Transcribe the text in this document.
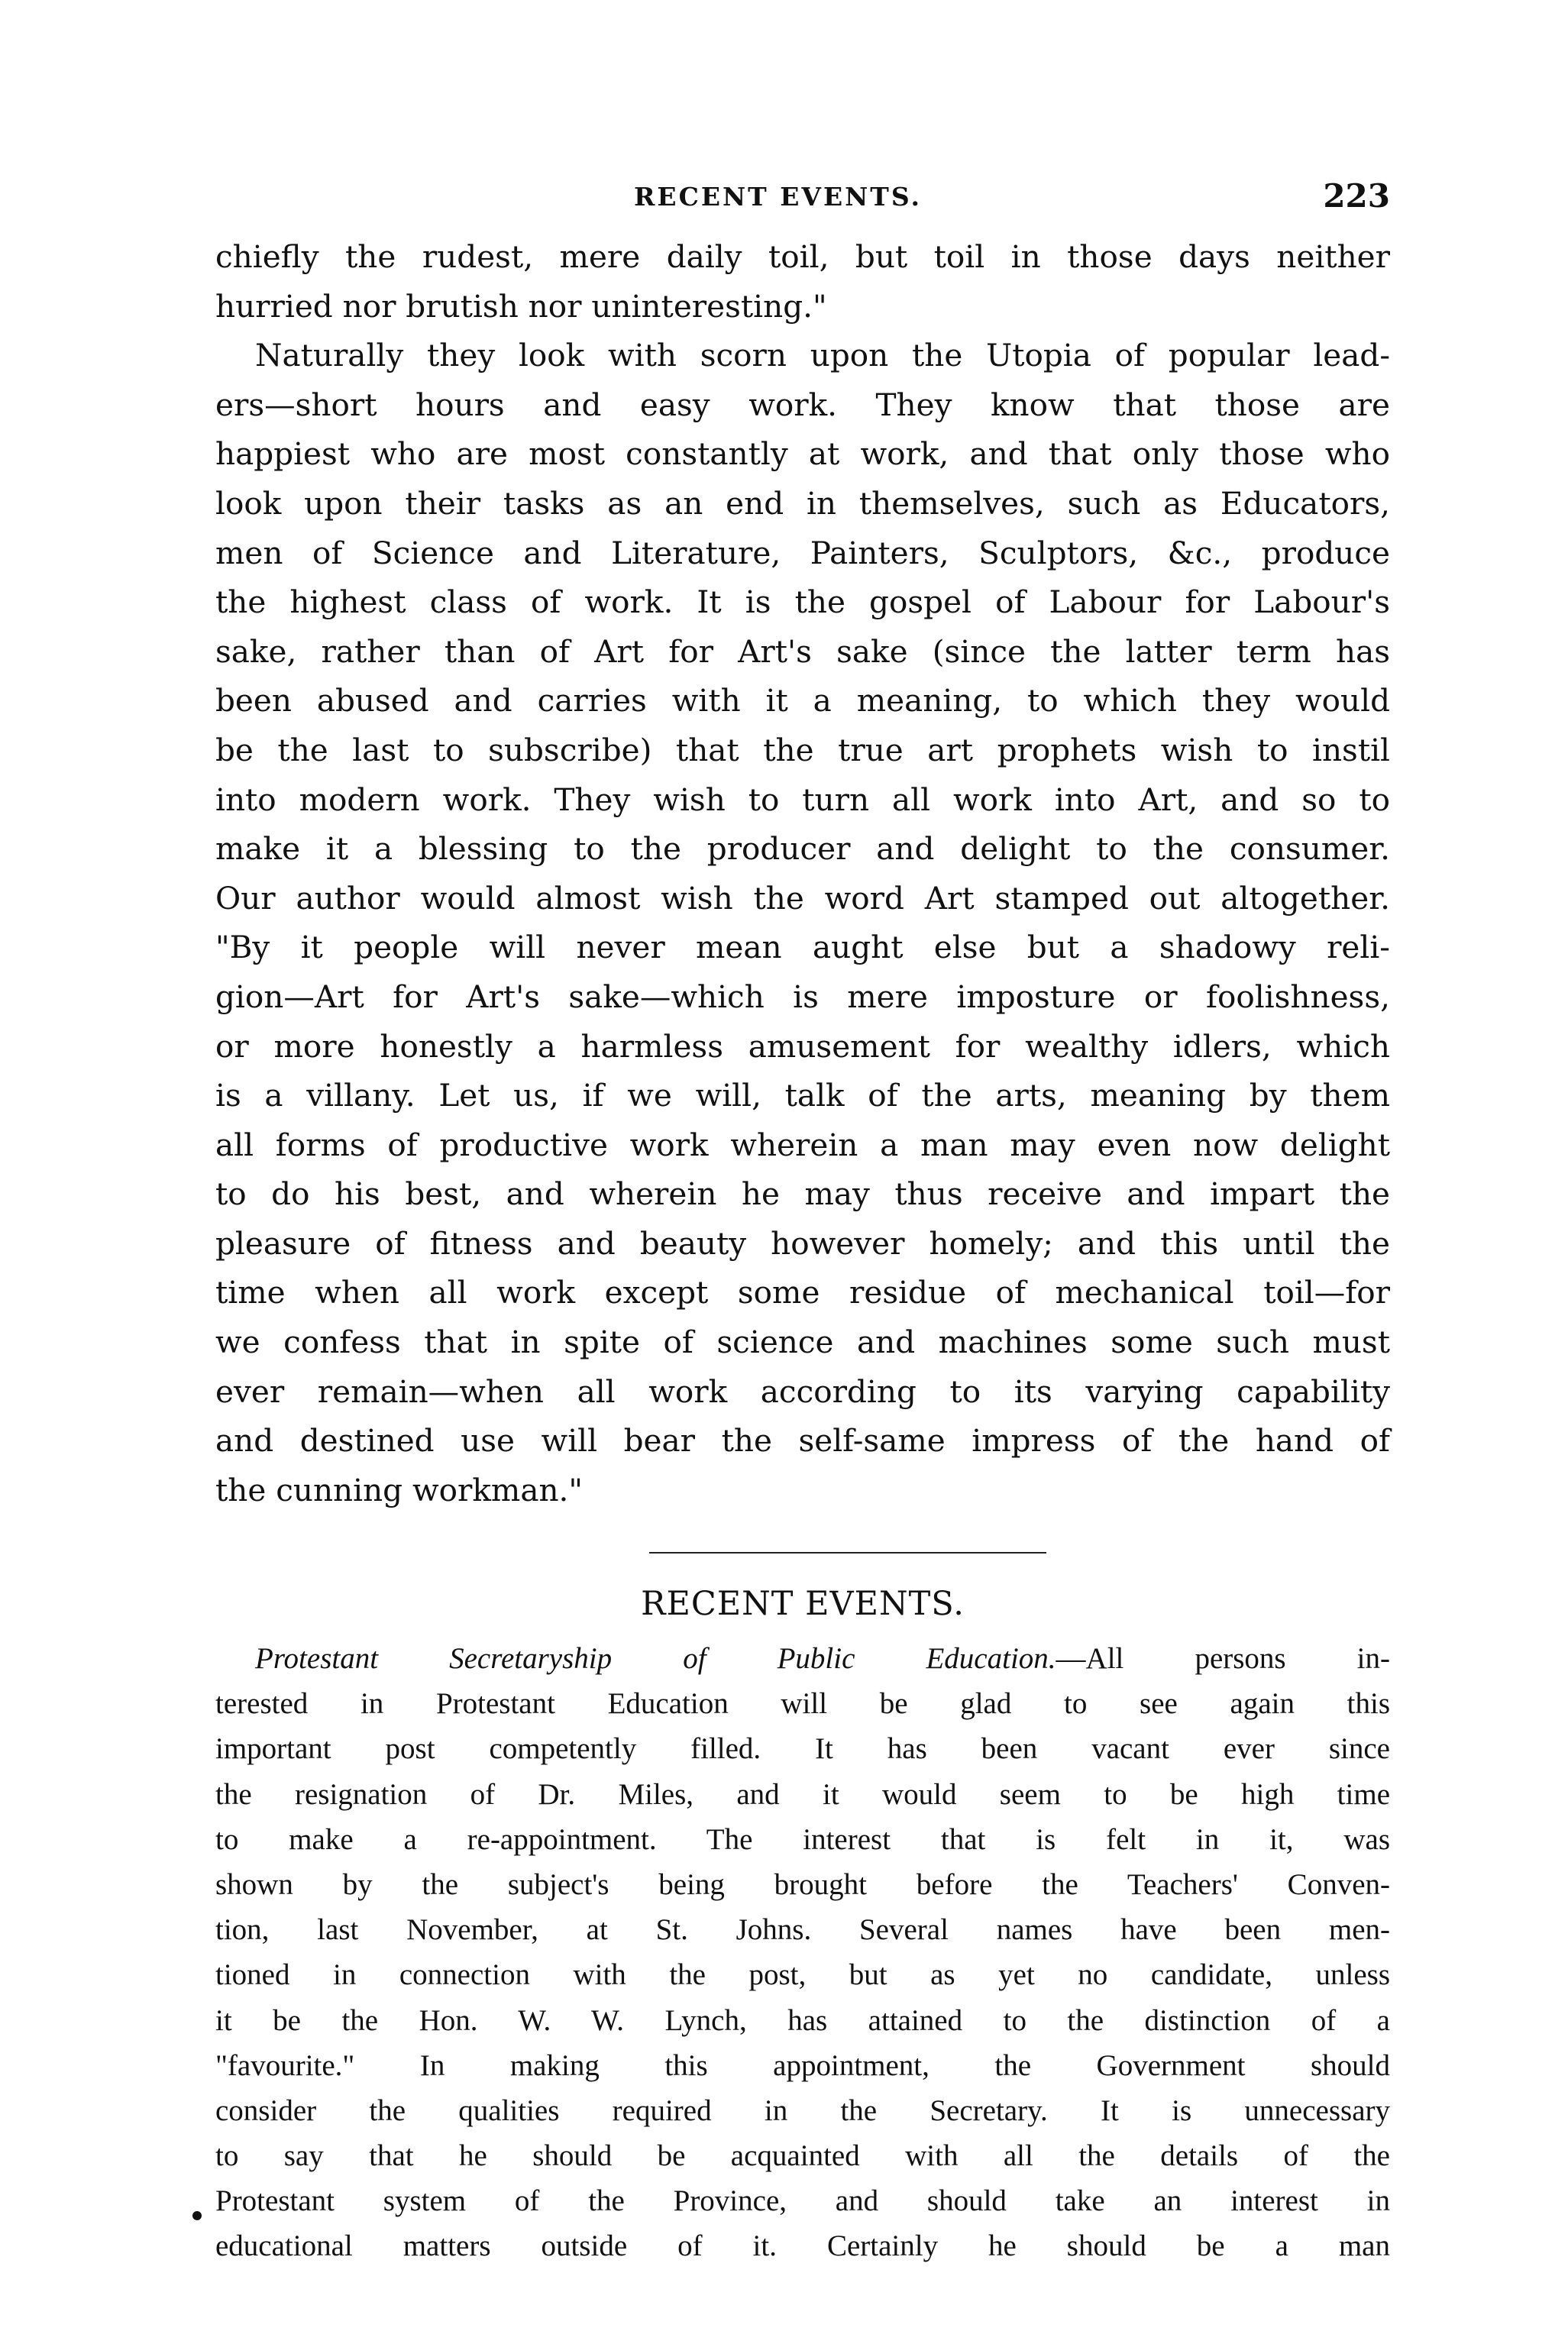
RECENT EVENTS.	223
chiefly the rudest, mere daily toil, but toil in those days neither
hurried nor brutish nor uninteresting."
Naturally they look with scorn upon the Utopia of popular lead-
ers—short hours and easy work. They know that those are
happiest who are most constantly at work, and that only those who
look upon their tasks as an end in themselves, such as Educators,
men of Science and Literature, Painters, Sculptors, &c., produce
the highest class of work. It is the gospel of Labour for Labour's
sake, rather than of Art for Art's sake (since the latter term has
been abused and carries with it a meaning, to which they would
be the last to subscribe) that the true art prophets wish to instil
into modern work. They wish to turn all work into Art, and so to
make it a blessing to the producer and delight to the consumer.
Our author would almost wish the word Art stamped out altogether.
"By it people will never mean aught else but a shadowy reli-
gion—Art for Art's sake—which is mere imposture or foolishness,
or more honestly a harmless amusement for wealthy idlers, which
is a villany. Let us, if we will, talk of the arts, meaning by them
all forms of productive work wherein a man may even now delight
to do his best, and wherein he may thus receive and impart the
pleasure of fitness and beauty however homely; and this until the
time when all work except some residue of mechanical toil—for
we confess that in spite of science and machines some such must
ever remain—when all work according to its varying capability
and destined use will bear the self-same impress of the hand of
the cunning workman."
RECENT EVENTS.
Protestant Secretaryship of Public Education.—All persons in-
terested in Protestant Education will be glad to see again this
important post competently filled. It has been vacant ever since
the resignation of Dr. Miles, and it would seem to be high time
to make a re-appointment. The interest that is felt in it, was
shown by the subject's being brought before the Teachers' Conven-
tion, last November, at St. Johns. Several names have been men-
tioned in connection with the post, but as yet no candidate, unless
it be the Hon. W. W. Lynch, has attained to the distinction of a
"favourite." In making this appointment, the Government should
consider the qualities required in the Secretary. It is unnecessary
to say that he should be acquainted with all the details of the
Protestant system of the Province, and should take an interest in
educational matters outside of it. Certainly he should be a man
